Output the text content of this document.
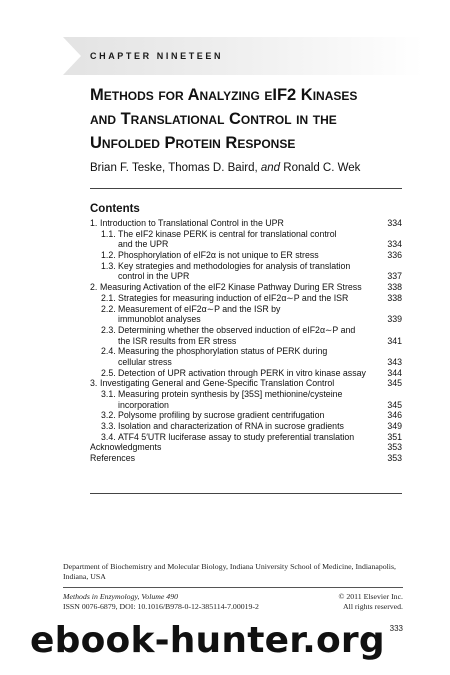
CHAPTER NINETEEN
Methods for Analyzing eIF2 Kinases
and Translational Control in the
Unfolded Protein Response
Brian F. Teske, Thomas D. Baird, and Ronald C. Wek
Contents
1. Introduction to Translational Control in the UPR	334
1.1. The eIF2 kinase PERK is central for translational control
and the UPR	334
1.2. Phosphorylation of eIF2α is not unique to ER stress	336
1.3. Key strategies and methodologies for analysis of translation
control in the UPR	337
2. Measuring Activation of the eIF2 Kinase Pathway During ER Stress	338
2.1. Strategies for measuring induction of eIF2α∼P and the ISR	338
2.2. Measurement of eIF2α∼P and the ISR by
immunoblot analyses	339
2.3. Determining whether the observed induction of eIF2α∼P and
the ISR results from ER stress	341
2.4. Measuring the phosphorylation status of PERK during
cellular stress	343
2.5. Detection of UPR activation through PERK in vitro kinase assay 344
3. Investigating General and Gene-Specific Translation Control	345
3.1. Measuring protein synthesis by [35S] methionine/cysteine
incorporation	345
3.2. Polysome profiling by sucrose gradient centrifugation	346
3.3. Isolation and characterization of RNA in sucrose gradients	349
3.4. ATF4 5′UTR luciferase assay to study preferential translation	351
Acknowledgments	353
References	353
Department of Biochemistry and Molecular Biology, Indiana University School of Medicine, Indianapolis, Indiana, USA
Methods in Enzymology, Volume 490
ISSN 0076-6879, DOI: 10.1016/B978-0-12-385114-7.00019-2
© 2011 Elsevier Inc.
All rights reserved.
333
ebook-hunter.org
